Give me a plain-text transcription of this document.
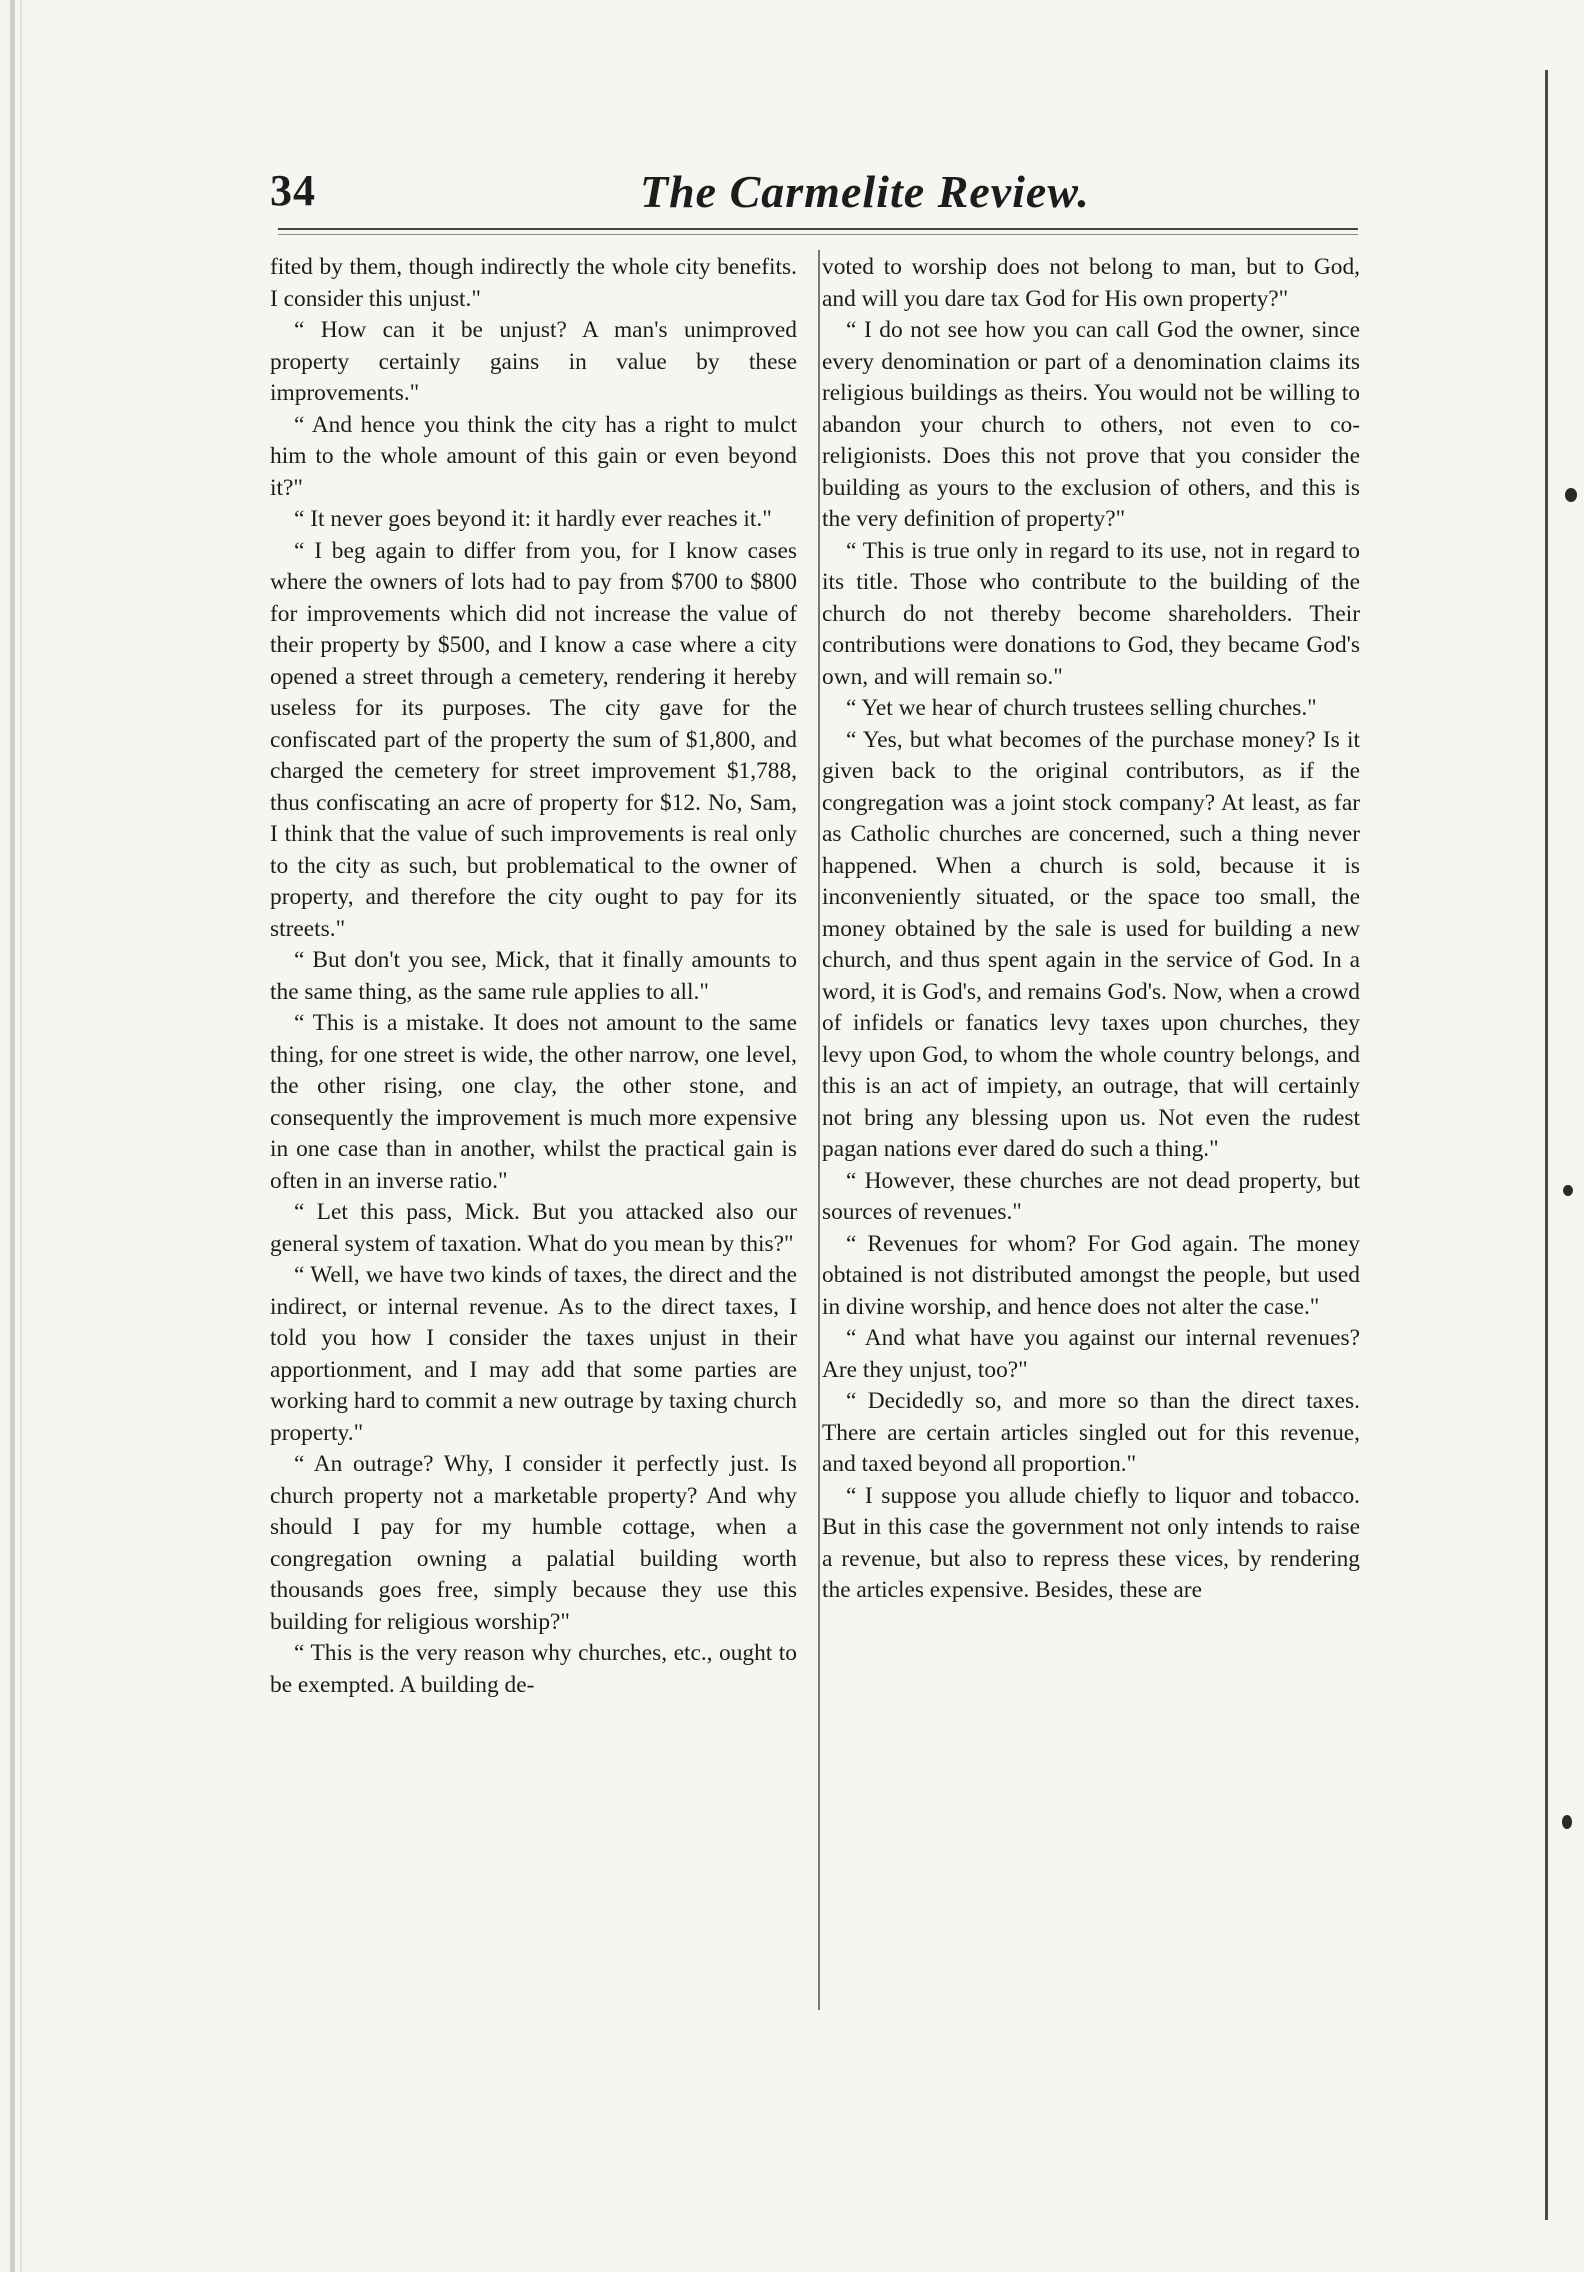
34	The Carmelite Review.

fited by them, though indirectly the whole city benefits. I consider this unjust."

“ How can it be unjust? A man's unimproved property certainly gains in value by these improvements."

“ And hence you think the city has a right to mulct him to the whole amount of this gain or even beyond it?"

“ It never goes beyond it: it hardly ever reaches it."

“ I beg again to differ from you, for I know cases where the owners of lots had to pay from $700 to $800 for improvements which did not increase the value of their property by $500, and I know a case where a city opened a street through a cemetery, rendering it hereby useless for its purposes. The city gave for the confiscated part of the property the sum of $1,800, and charged the cemetery for street improvement $1,788, thus confiscating an acre of property for $12. No, Sam, I think that the value of such improvements is real only to the city as such, but problematical to the owner of property, and therefore the city ought to pay for its streets."

“ But don't you see, Mick, that it finally amounts to the same thing, as the same rule applies to all."

“ This is a mistake. It does not amount to the same thing, for one street is wide, the other narrow, one level, the other rising, one clay, the other stone, and consequently the improvement is much more expensive in one case than in another, whilst the practical gain is often in an inverse ratio."

“ Let this pass, Mick. But you attacked also our general system of taxation. What do you mean by this?"

“ Well, we have two kinds of taxes, the direct and the indirect, or internal revenue. As to the direct taxes, I told you how I consider the taxes unjust in their apportionment, and I may add that some parties are working hard to commit a new outrage by taxing church property."

“ An outrage? Why, I consider it perfectly just. Is church property not a marketable property? And why should I pay for my humble cottage, when a congregation owning a palatial building worth thousands goes free, simply because they use this building for religious worship?"

“ This is the very reason why churches, etc., ought to be exempted. A building de-

voted to worship does not belong to man, but to God, and will you dare tax God for His own property?"

“ I do not see how you can call God the owner, since every denomination or part of a denomination claims its religious buildings as theirs. You would not be willing to abandon your church to others, not even to co-religionists. Does this not prove that you consider the building as yours to the exclusion of others, and this is the very definition of property?"

“ This is true only in regard to its use, not in regard to its title. Those who contribute to the building of the church do not thereby become shareholders. Their contributions were donations to God, they became God's own, and will remain so."

“ Yet we hear of church trustees selling churches."

“ Yes, but what becomes of the purchase money? Is it given back to the original contributors, as if the congregation was a joint stock company? At least, as far as Catholic churches are concerned, such a thing never happened. When a church is sold, because it is inconveniently situated, or the space too small, the money obtained by the sale is used for building a new church, and thus spent again in the service of God. In a word, it is God's, and remains God's. Now, when a crowd of infidels or fanatics levy taxes upon churches, they levy upon God, to whom the whole country belongs, and this is an act of impiety, an outrage, that will certainly not bring any blessing upon us. Not even the rudest pagan nations ever dared do such a thing."

“ However, these churches are not dead property, but sources of revenues."

“ Revenues for whom? For God again. The money obtained is not distributed amongst the people, but used in divine worship, and hence does not alter the case."

“ And what have you against our internal revenues? Are they unjust, too?"

“ Decidedly so, and more so than the direct taxes. There are certain articles singled out for this revenue, and taxed beyond all proportion."

“ I suppose you allude chiefly to liquor and tobacco. But in this case the government not only intends to raise a revenue, but also to repress these vices, by rendering the articles expensive. Besides, these are
